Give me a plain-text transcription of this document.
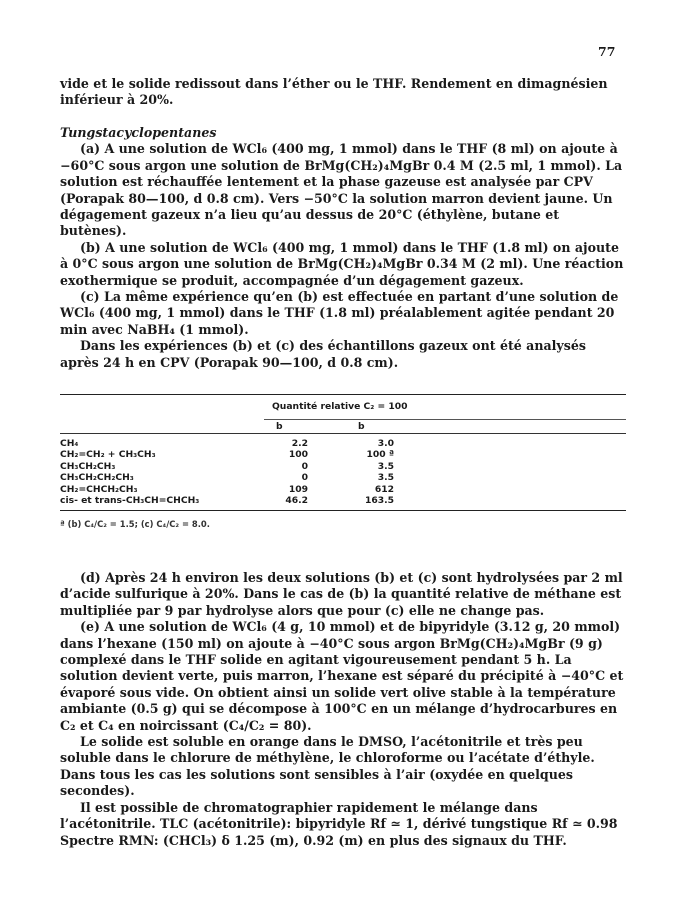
77

vide et le solide redissout dans l’éther ou le THF. Rendement en dimagnésien inférieur à 20%.

Tungstacyclopentanes

(a) A une solution de WCl₆ (400 mg, 1 mmol) dans le THF (8 ml) on ajoute à −60°C sous argon une solution de BrMg(CH₂)₄MgBr 0.4 M (2.5 ml, 1 mmol). La solution est réchauffée lentement et la phase gazeuse est analysée par CPV (Porapak 80—100, d 0.8 cm). Vers −50°C la solution marron devient jaune. Un dégagement gazeux n’a lieu qu’au dessus de 20°C (éthylène, butane et butènes).

(b) A une solution de WCl₆ (400 mg, 1 mmol) dans le THF (1.8 ml) on ajoute à 0°C sous argon une solution de BrMg(CH₂)₄MgBr 0.34 M (2 ml). Une réaction exothermique se produit, accompagnée d’un dégagement gazeux.

(c) La même expérience qu’en (b) est effectuée en partant d’une solution de WCl₆ (400 mg, 1 mmol) dans le THF (1.8 ml) préalablement agitée pendant 20 min avec NaBH₄ (1 mmol).

Dans les expériences (b) et (c) des échantillons gazeux ont été analysés après 24 h en CPV (Porapak 90—100, d 0.8 cm).

Quantité relative C₂ = 100
b	b
CH₄	2.2	3.0
CH₂=CH₂ + CH₃CH₃	100	100 ª
CH₃CH₂CH₃	0	3.5
CH₃CH₂CH₂CH₃	0	3.5
CH₂=CHCH₂CH₃	109	612
cis- et trans-CH₃CH=CHCH₃	46.2	163.5
ª (b) C₄/C₂ = 1.5; (c) C₄/C₂ = 8.0.

(d) Après 24 h environ les deux solutions (b) et (c) sont hydrolysées par 2 ml d’acide sulfurique à 20%. Dans le cas de (b) la quantité relative de méthane est multipliée par 9 par hydrolyse alors que pour (c) elle ne change pas.

(e) A une solution de WCl₆ (4 g, 10 mmol) et de bipyridyle (3.12 g, 20 mmol) dans l’hexane (150 ml) on ajoute à −40°C sous argon BrMg(CH₂)₄MgBr (9 g) complexé dans le THF solide en agitant vigoureusement pendant 5 h. La solution devient verte, puis marron, l’hexane est séparé du précipité à −40°C et évaporé sous vide. On obtient ainsi un solide vert olive stable à la température ambiante (0.5 g) qui se décompose à 100°C en un mélange d’hydrocarbures en C₂ et C₄ en noircissant (C₄/C₂ = 80).

Le solide est soluble en orange dans le DMSO, l’acétonitrile et très peu soluble dans le chlorure de méthylène, le chloroforme ou l’acétate d’éthyle. Dans tous les cas les solutions sont sensibles à l’air (oxydée en quelques secondes).

Il est possible de chromatographier rapidement le mélange dans l’acétonitrile. TLC (acétonitrile): bipyridyle Rf ≃ 1, dérivé tungstique Rf ≃ 0.98 Spectre RMN: (CHCl₃) δ 1.25 (m), 0.92 (m) en plus des signaux du THF.
